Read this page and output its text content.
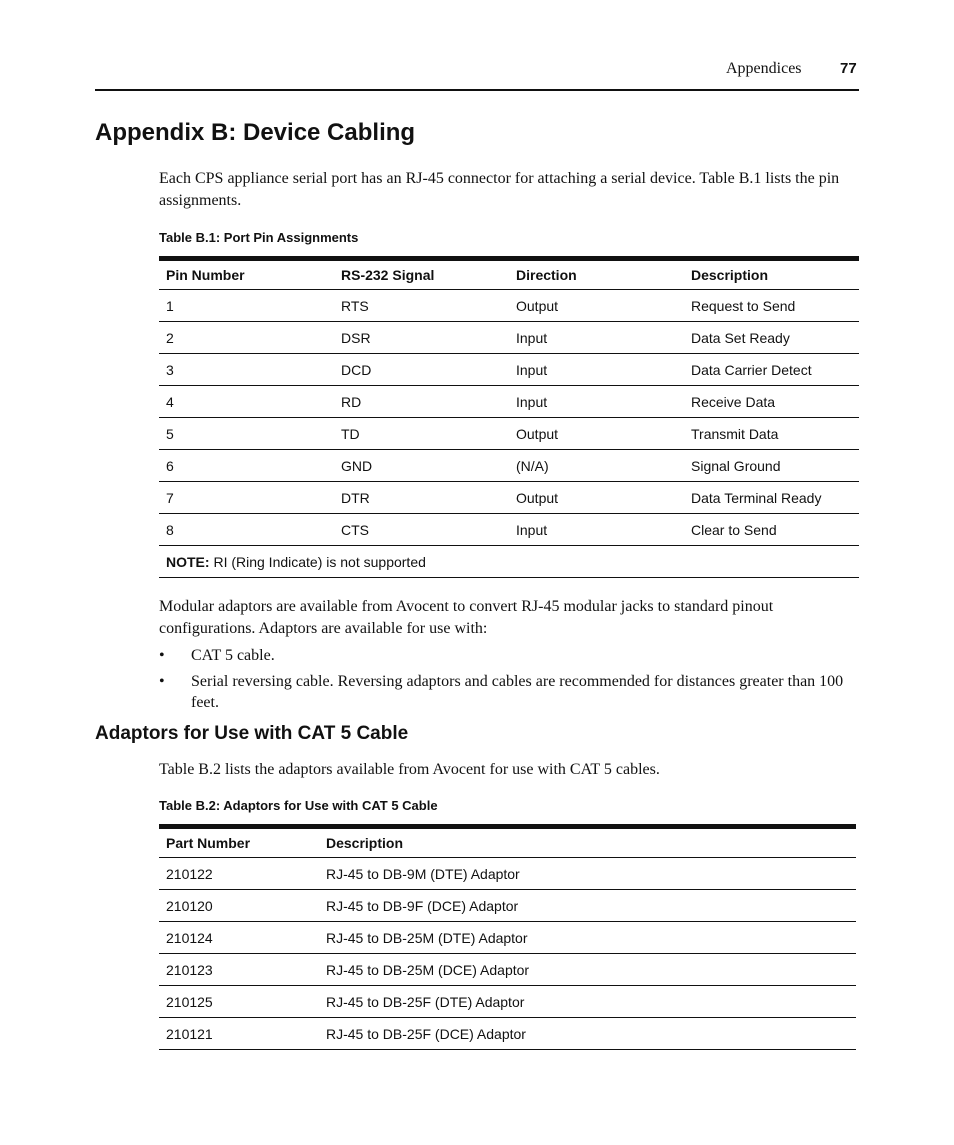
Appendices	77
Appendix B: Device Cabling

Each CPS appliance serial port has an RJ-45 connector for attaching a serial device. Table B.1 lists the pin assignments.

Table B.1: Port Pin Assignments
Pin Number	RS-232 Signal	Direction	Description
1	RTS	Output	Request to Send
2	DSR	Input	Data Set Ready
3	DCD	Input	Data Carrier Detect
4	RD	Input	Receive Data
5	TD	Output	Transmit Data
6	GND	(N/A)	Signal Ground
7	DTR	Output	Data Terminal Ready
8	CTS	Input	Clear to Send
NOTE: RI (Ring Indicate) is not supported			

Modular adaptors are available from Avocent to convert RJ-45 modular jacks to standard pinout configurations. Adaptors are available for use with:

• CAT 5 cable.
• Serial reversing cable. Reversing adaptors and cables are recommended for distances greater than 100 feet.
Adaptors for Use with CAT 5 Cable

Table B.2 lists the adaptors available from Avocent for use with CAT 5 cables.

Table B.2: Adaptors for Use with CAT 5 Cable
Part Number	Description
210122	RJ-45 to DB-9M (DTE) Adaptor
210120	RJ-45 to DB-9F (DCE) Adaptor
210124	RJ-45 to DB-25M (DTE) Adaptor
210123	RJ-45 to DB-25M (DCE) Adaptor
210125	RJ-45 to DB-25F (DTE) Adaptor
210121	RJ-45 to DB-25F (DCE) Adaptor
